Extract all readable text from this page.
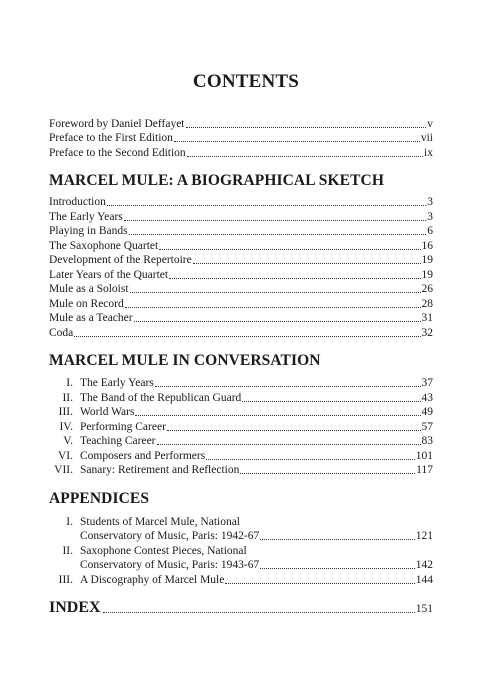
CONTENTS
Foreword by Daniel Deffayet	v
Preface to the First Edition	vii
Preface to the Second Edition	ix
MARCEL MULE: A BIOGRAPHICAL SKETCH
Introduction	3
The Early Years	3
Playing in Bands	6
The Saxophone Quartet	16
Development of the Repertoire	19
Later Years of the Quartet	19
Mule as a Soloist	26
Mule on Record	28
Mule as a Teacher	31
Coda	32
MARCEL MULE IN CONVERSATION
I. The Early Years	37
II. The Band of the Republican Guard	43
III. World Wars	49
IV. Performing Career	57
V. Teaching Career	83
VI. Composers and Performers	101
VII. Sanary: Retirement and Reflection	117
APPENDICES
I. Students of Marcel Mule, National
Conservatory of Music, Paris: 1942-67	121
II. Saxophone Contest Pieces, National
Conservatory of Music, Paris: 1943-67	142
III. A Discography of Marcel Mule	144
INDEX	151
